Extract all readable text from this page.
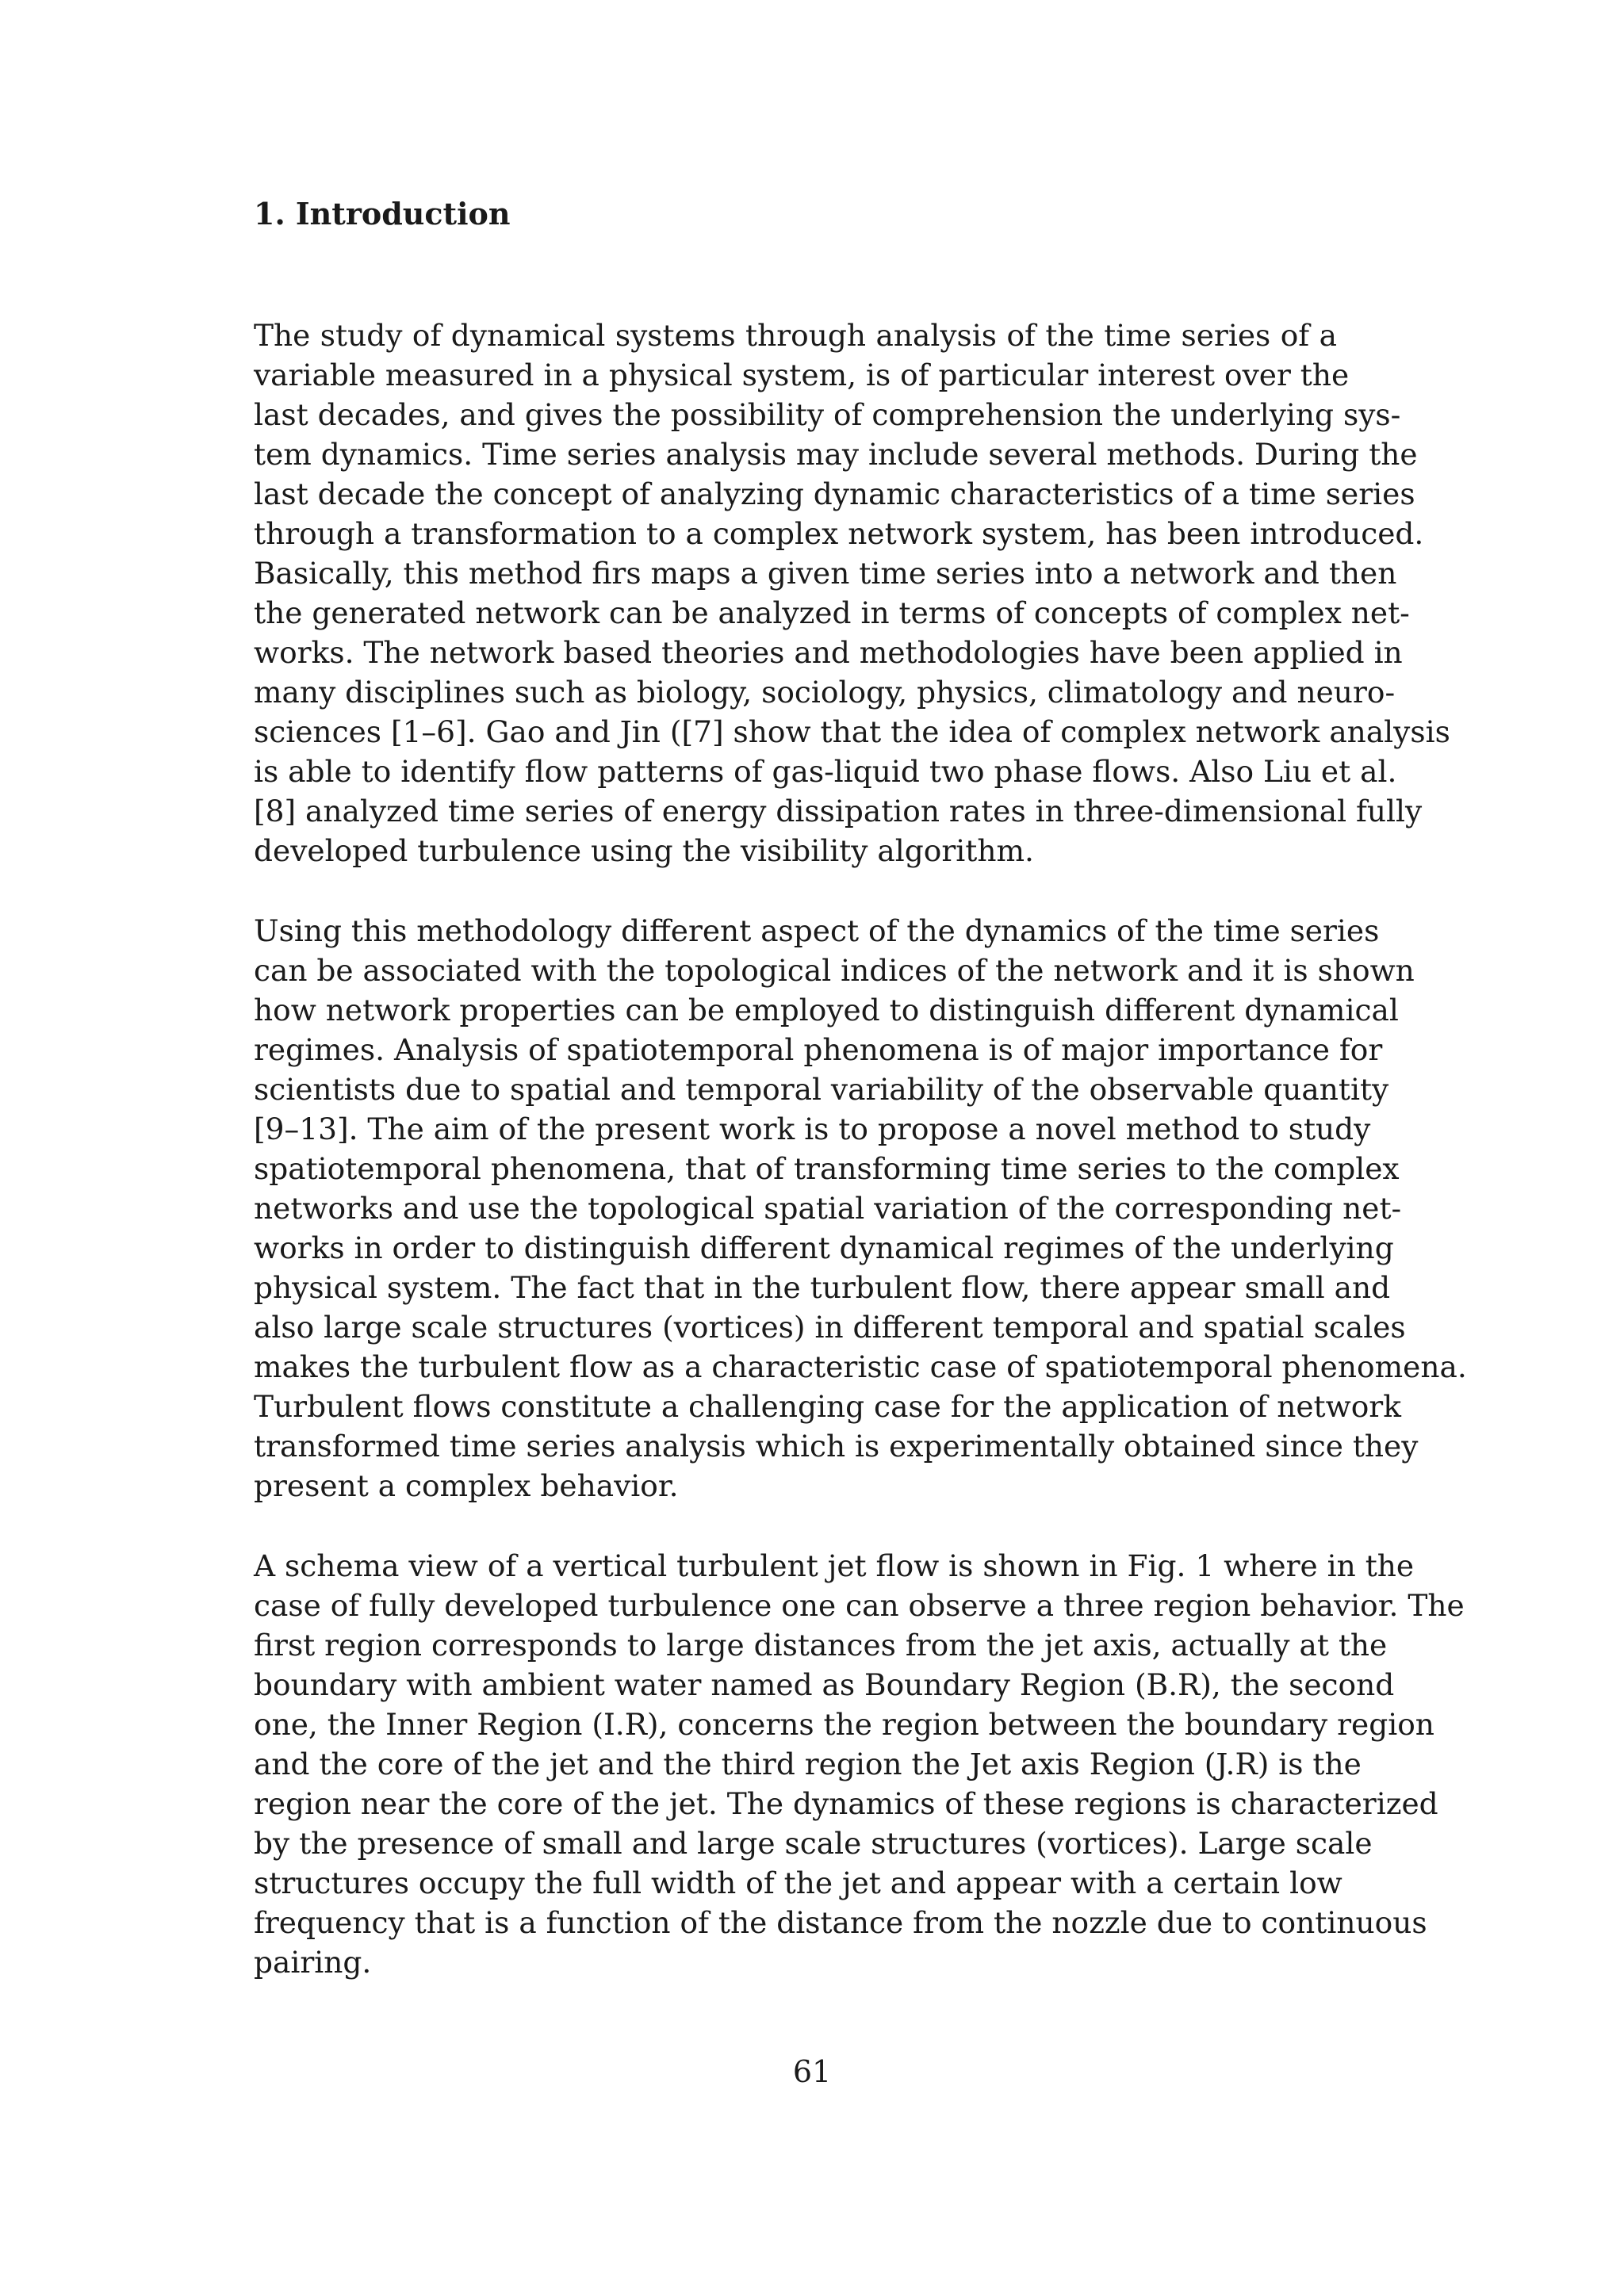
1. Introduction
The study of dynamical systems through analysis of the time series of a
variable measured in a physical system, is of particular interest over the
last decades, and gives the possibility of comprehension the underlying sys-
tem dynamics. Time series analysis may include several methods. During the
last decade the concept of analyzing dynamic characteristics of a time series
through a transformation to a complex network system, has been introduced.
Basically, this method firs maps a given time series into a network and then
the generated network can be analyzed in terms of concepts of complex net-
works. The network based theories and methodologies have been applied in
many disciplines such as biology, sociology, physics, climatology and neuro-
sciences [1–6]. Gao and Jin ([7] show that the idea of complex network analysis
is able to identify flow patterns of gas-liquid two phase flows. Also Liu et al.
[8] analyzed time series of energy dissipation rates in three-dimensional fully
developed turbulence using the visibility algorithm.
Using this methodology different aspect of the dynamics of the time series
can be associated with the topological indices of the network and it is shown
how network properties can be employed to distinguish different dynamical
regimes. Analysis of spatiotemporal phenomena is of major importance for
scientists due to spatial and temporal variability of the observable quantity
[9–13]. The aim of the present work is to propose a novel method to study
spatiotemporal phenomena, that of transforming time series to the complex
networks and use the topological spatial variation of the corresponding net-
works in order to distinguish different dynamical regimes of the underlying
physical system. The fact that in the turbulent flow, there appear small and
also large scale structures (vortices) in different temporal and spatial scales
makes the turbulent flow as a characteristic case of spatiotemporal phenomena.
Turbulent flows constitute a challenging case for the application of network
transformed time series analysis which is experimentally obtained since they
present a complex behavior.
A schema view of a vertical turbulent jet flow is shown in Fig. 1 where in the
case of fully developed turbulence one can observe a three region behavior. The
first region corresponds to large distances from the jet axis, actually at the
boundary with ambient water named as Boundary Region (B.R), the second
one, the Inner Region (I.R), concerns the region between the boundary region
and the core of the jet and the third region the Jet axis Region (J.R) is the
region near the core of the jet. The dynamics of these regions is characterized
by the presence of small and large scale structures (vortices). Large scale
structures occupy the full width of the jet and appear with a certain low
frequency that is a function of the distance from the nozzle due to continuous
pairing.
61
